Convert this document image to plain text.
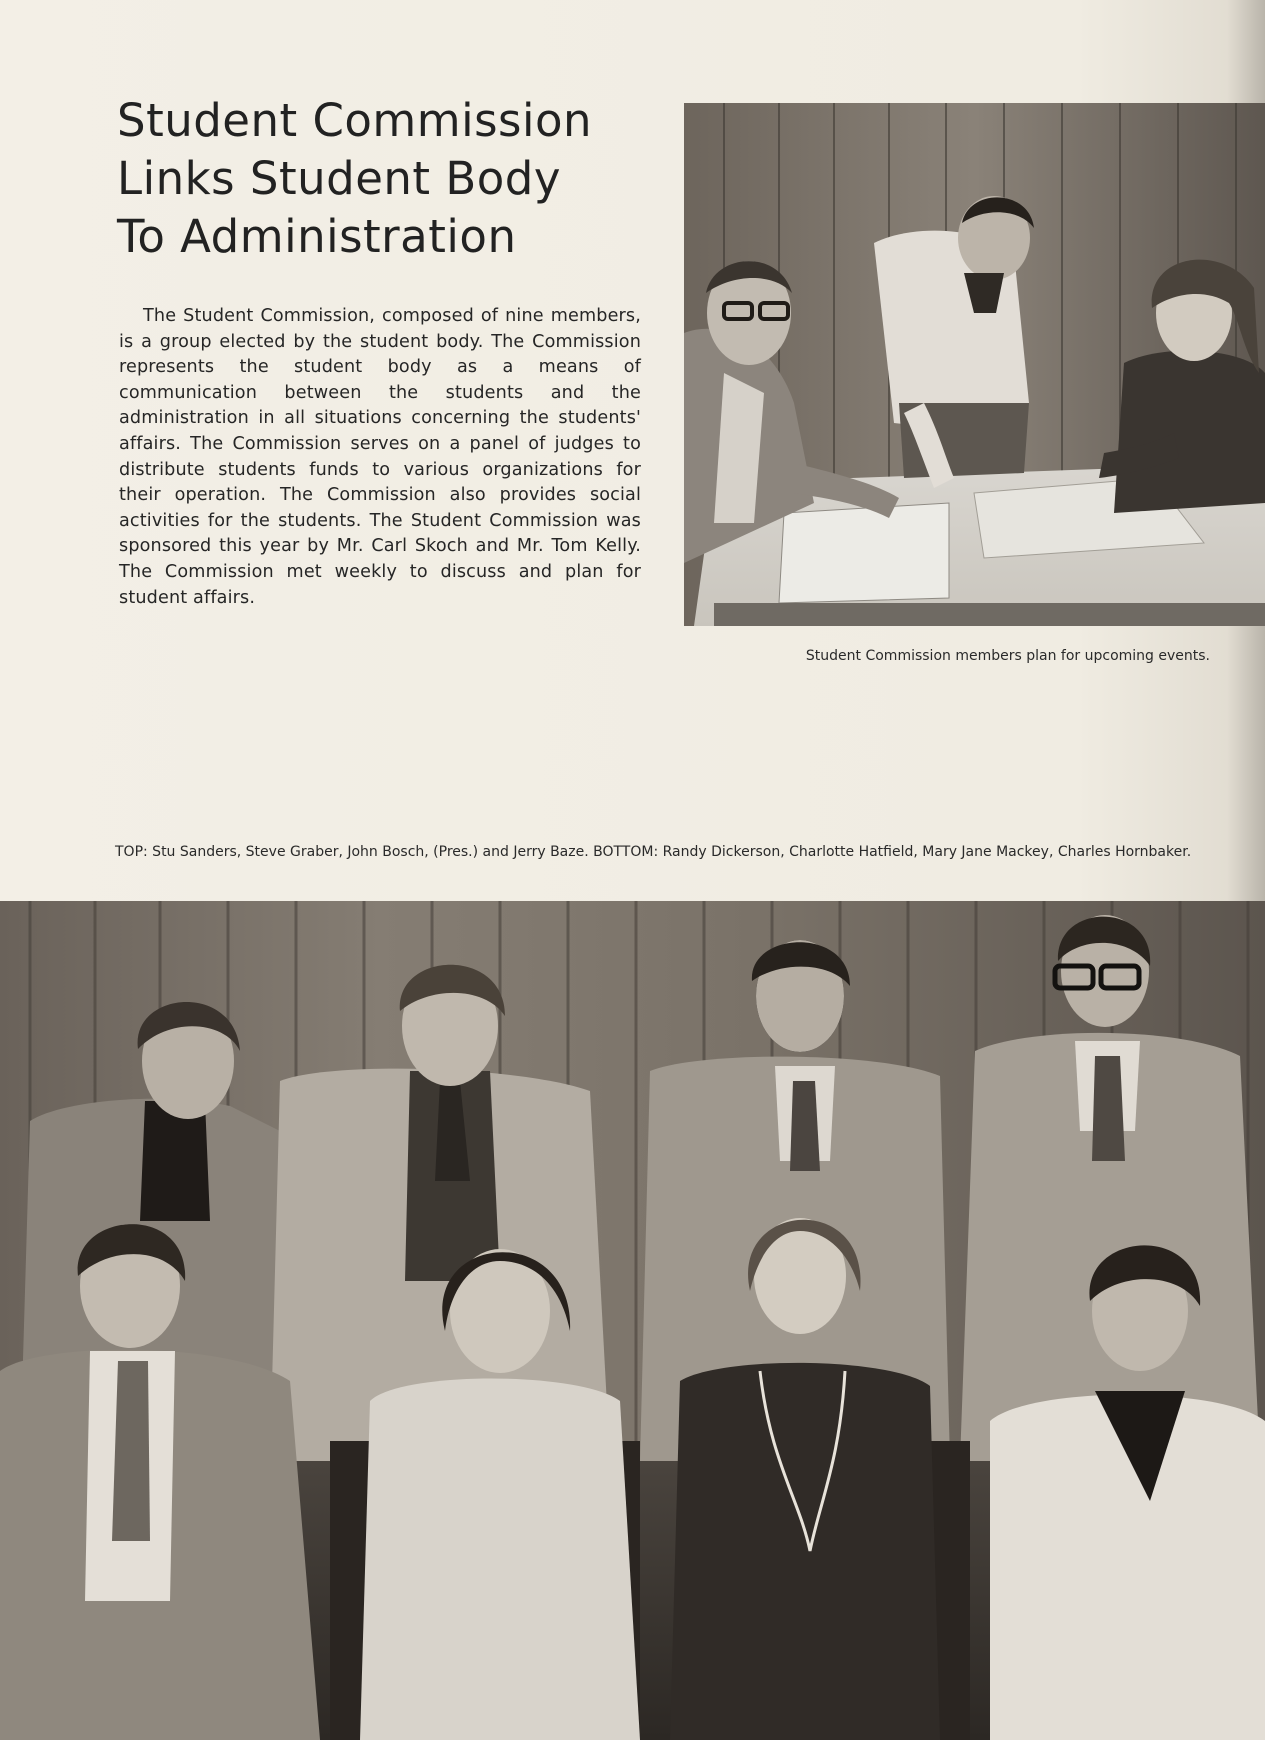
Student Commission
Links Student Body
To Administration

The Student Commission, composed of nine members, is a group elected by the student body. The Commission represents the student body as a means of communication between the students and the administration in all situations concerning the students' affairs. The Commission serves on a panel of judges to distribute students funds to various organizations for their operation. The Commission also provides social activities for the students. The Student Commission was sponsored this year by Mr. Carl Skoch and Mr. Tom Kelly. The Commission met weekly to discuss and plan for student affairs.

Student Commission members plan for upcoming events.

TOP: Stu Sanders, Steve Graber, John Bosch, (Pres.) and Jerry Baze. BOTTOM: Randy Dickerson, Charlotte Hatfield, Mary Jane Mackey, Charles Hornbaker.
